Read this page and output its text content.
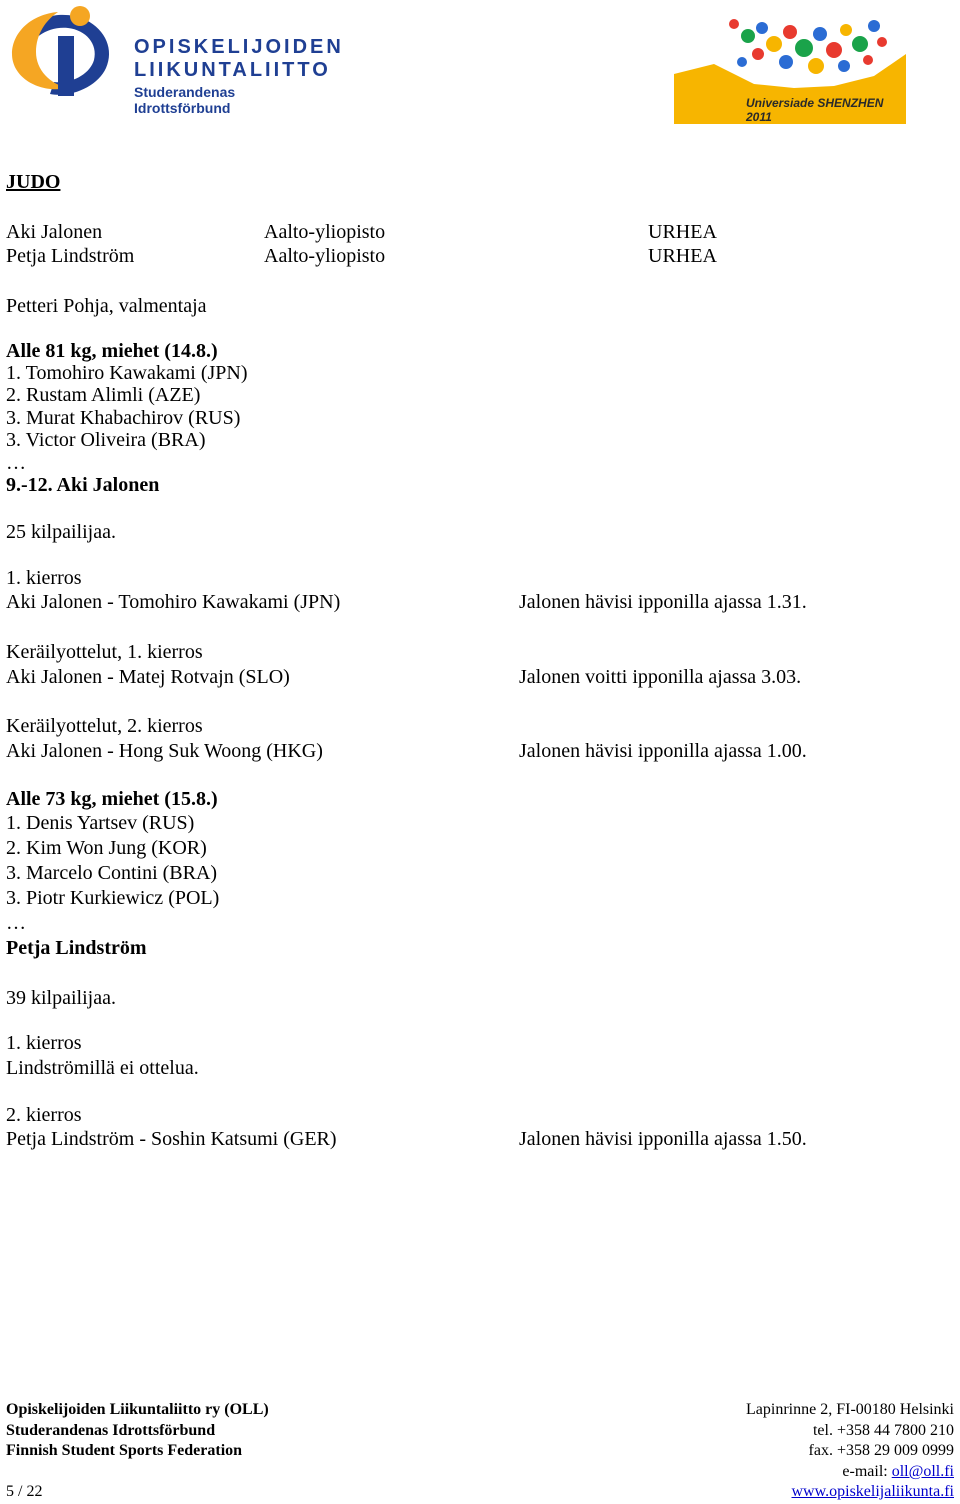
OPISKELIJOIDEN
LIIKUNTALIITTO
Studerandenas Idrottsförbund	Universiade SHENZHEN 2011
JUDO
Aki Jalonen	Aalto-yliopisto	URHEA
Petja Lindström	Aalto-yliopisto	URHEA
Petteri Pohja, valmentaja
Alle 81 kg, miehet (14.8.)
1. Tomohiro Kawakami (JPN)
2. Rustam Alimli (AZE)
3. Murat Khabachirov (RUS)
3. Victor Oliveira (BRA)
…
9.-12. Aki Jalonen
25 kilpailijaa.
1. kierros
Aki Jalonen - Tomohiro Kawakami (JPN)	Jalonen hävisi ipponilla ajassa 1.31.
Keräilyottelut, 1. kierros
Aki Jalonen - Matej Rotvajn (SLO)	Jalonen voitti ipponilla ajassa 3.03.
Keräilyottelut, 2. kierros
Aki Jalonen - Hong Suk Woong (HKG)	Jalonen hävisi ipponilla ajassa 1.00.
Alle 73 kg, miehet (15.8.)
1. Denis Yartsev (RUS)
2. Kim Won Jung (KOR)
3. Marcelo Contini (BRA)
3. Piotr Kurkiewicz (POL)
…
Petja Lindström
39 kilpailijaa.
1. kierros
Lindströmillä ei ottelua.
2. kierros
Petja Lindström - Soshin Katsumi (GER)	Jalonen hävisi ipponilla ajassa 1.50.
Opiskelijoiden Liikuntaliitto ry (OLL)
Studerandenas Idrottsförbund
Finnish Student Sports Federation
5 / 22
Lapinrinne 2, FI-00180 Helsinki
tel. +358 44 7800 210
fax. +358 29 009 0999
e-mail: oll@oll.fi
www.opiskelijaliikunta.fi
